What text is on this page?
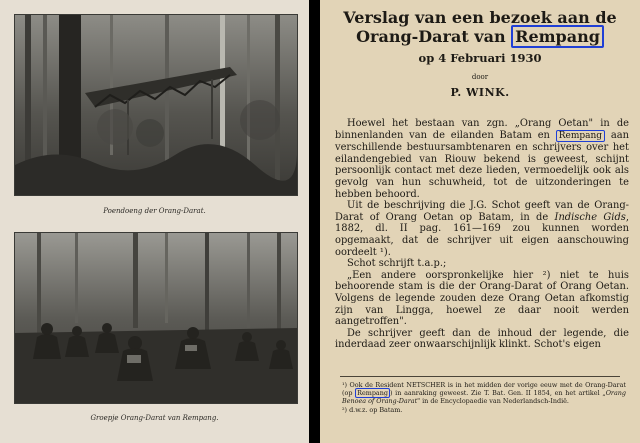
Poendoeng der Orang-Darat.
Groepje Orang-Darat van Rempang.
Verslag van een bezoek aan de
Orang-Darat van Rempang
op 4 Februari 1930
door
P. WINK.

Hoewel het bestaan van zgn. „Orang Oetan" in de binnenlanden van de eilanden Batam en Rempang aan verschillende bestuursambtenaren en schrijvers over het eilandengebied van Riouw bekend is geweest, schijnt persoonlijk contact met deze lieden, vermoedelijk ook als gevolg van hun schuwheid, tot de uitzonderingen te hebben behoord.

Uit de beschrijving die J.G. Schot geeft van de Orang-Darat of Orang Oetan op Batam, in de Indische Gids, 1882, dl. II pag. 161—169 zou kunnen worden opgemaakt, dat de schrijver uit eigen aanschouwing oordeelt ¹).

Schot schrijft t.a.p.;

„Een andere oorspronkelijke hier ²) niet te huis behoorende stam is die der Orang-Darat of Orang Oetan. Volgens de legende zouden deze Orang Oetan afkomstig zijn van Lingga, hoewel ze daar nooit werden aangetroffen".

De schrijver geeft dan de inhoud der legende, die inderdaad zeer onwaarschijnlijk klinkt. Schot's eigen

¹) Ook de Resident NETSCHER is in het midden der vorige eeuw met de Orang-Darat (op Rempang ) in aanraking geweest. Zie T. Bat. Gen. II 1854, en het artikel „Orang Benoea of Orang-Darat" in de Encyclopaedie van Nederlandsch-Indië.

²) d.w.z. op Batam.
